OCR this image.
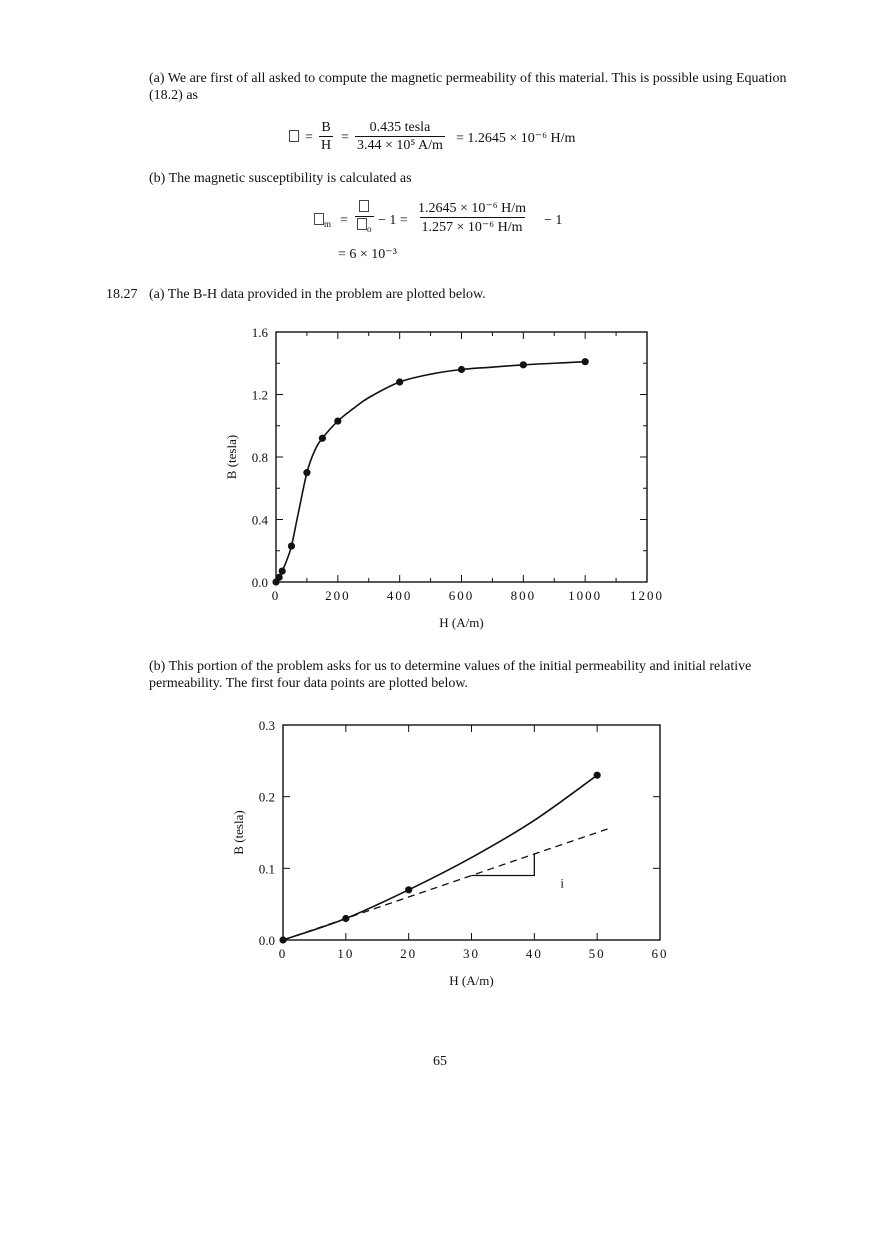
(a) We are first of all asked to compute the magnetic permeability of this material. This is possible using Equation (18.2) as
= $\frac{B}{H}$ =
0.435 tesla
3.44 × 10⁵ A/m = 1.2645 × 10⁻⁶ H/m
(b) The magnetic susceptibility is calculated as
$_m$ =
$_o$
− $1 = \frac{\text{1.2645 × 10⁻⁶ H/m}}{\text{1.257 × 10⁻⁶ H/m}} - 1$
= 6 × 10⁻³
18.27 (a) The B-H data provided in the problem are plotted below.
0	200	400	600	800 1000 1200
0.0
0.4
0.8
1.2
1.6
H (A/m)
B (tesla)
(b) This portion of the problem asks for us to determine values of the initial permeability and initial relative permeability. The first four data points are plotted below.
0	10	20	30	40	50	60
0.0
0.1
0.2
0.3
H (A/m)
B (tesla)
i
65
